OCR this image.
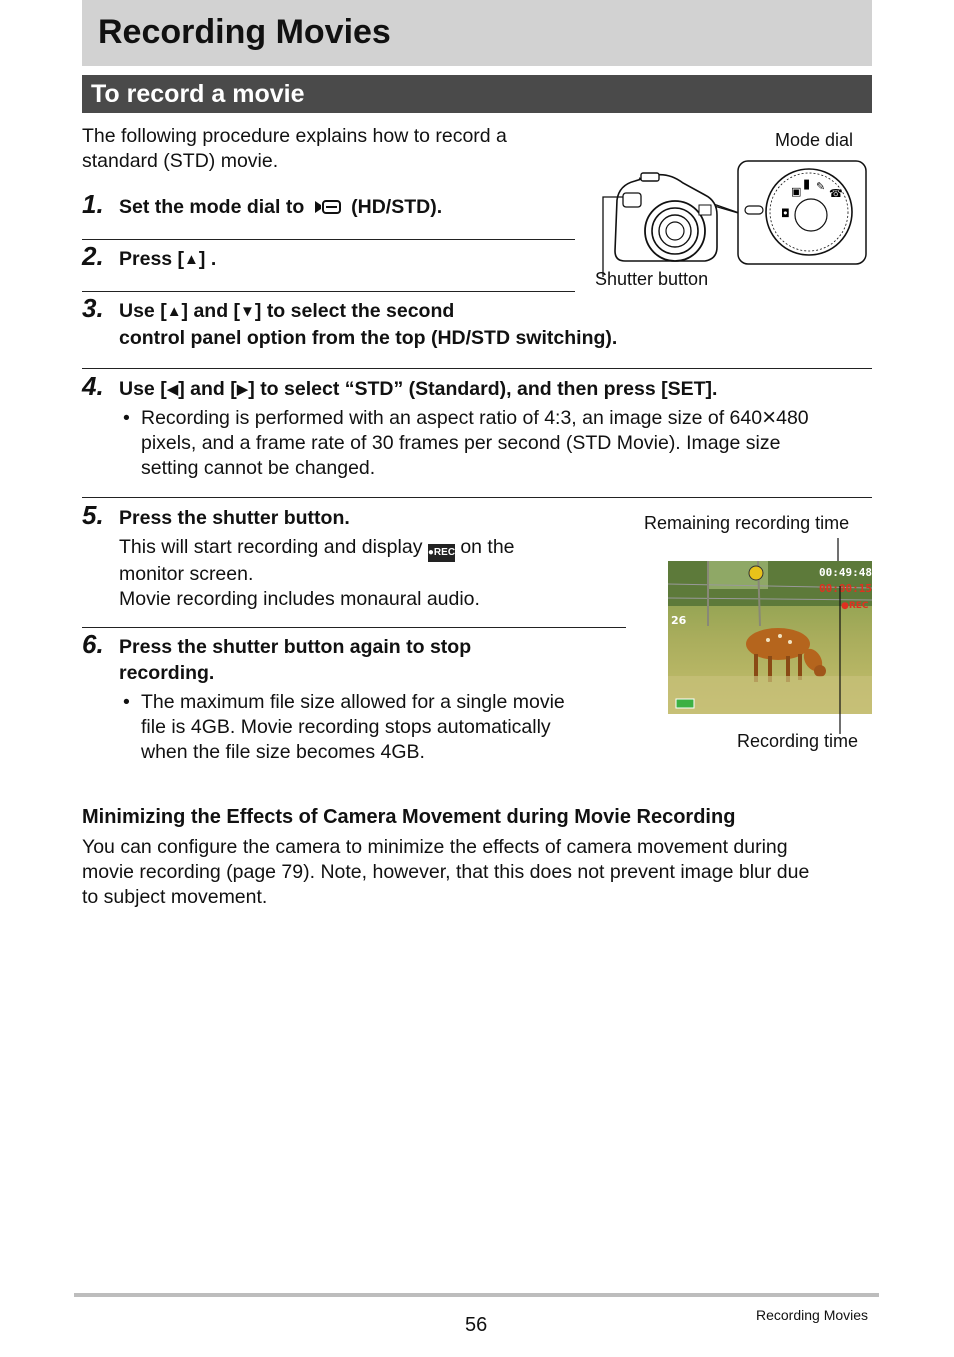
Recording Movies
To record a movie
The following procedure explains how to record a standard (STD) movie.
Mode dial
◘
▣ ▮ ✎
☎
Shutter button
1. Set the mode dial to (HD/STD).
2. Press [▲] .
3. Use [▲] and [▼] to select the second
control panel option from the top (HD/STD switching).
4. Use [◀] and [▶] to select “STD” (Standard), and then press [SET].
• Recording is performed with an aspect ratio of 4:3, an image size of 640×480
pixels, and a frame rate of 30 frames per second (STD Movie). Image size
setting cannot be changed.
5. Press the shutter button.
This will start recording and display ●REC on the
monitor screen.
Movie recording includes monaural audio.
6. Press the shutter button again to stop
recording.
• The maximum file size allowed for a single movie
file is 4GB. Movie recording stops automatically
when the file size becomes 4GB.
Remaining recording time
00:49:48
00:00:15
●REC
26
Recording time
Minimizing the Effects of Camera Movement during Movie Recording
You can configure the camera to minimize the effects of camera movement during
movie recording (page 79). Note, however, that this does not prevent image blur due
to subject movement.
56	Recording Movies
